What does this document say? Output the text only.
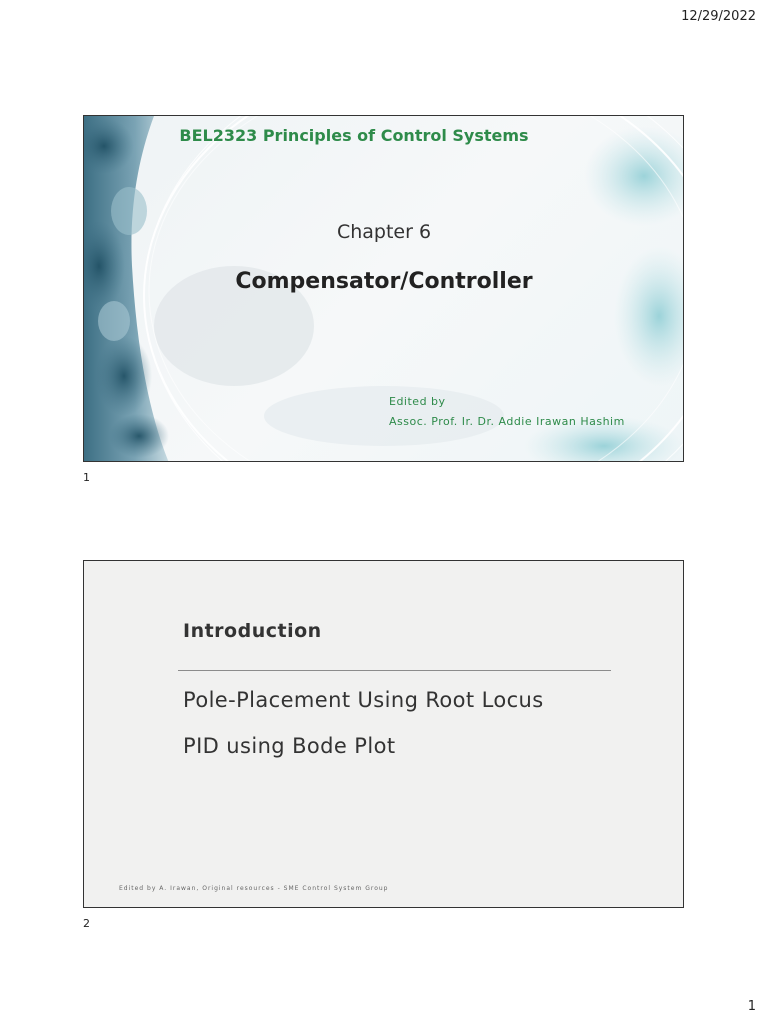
12/29/2022
BEL2323 Principles of Control Systems
Chapter 6
Compensator/Controller
Edited by
Assoc. Prof. Ir. Dr. Addie Irawan Hashim
1
Introduction
Pole-Placement Using Root Locus
PID using Bode Plot
Edited by A. Irawan, Original resources - SME Control System Group
2
1
